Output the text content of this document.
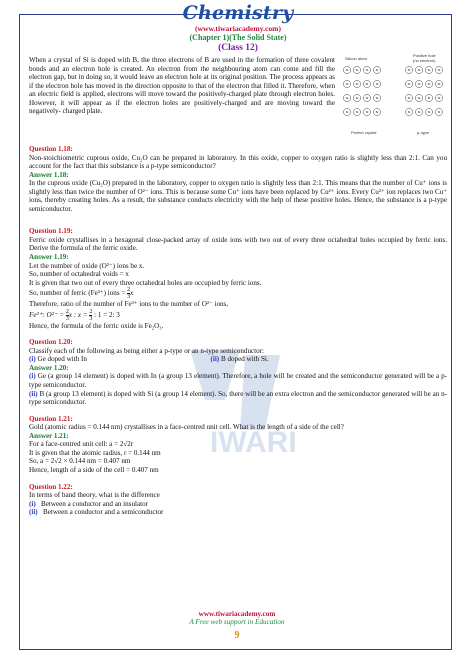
IWARI
Chemistry
(www.tiwariacademy.com)
(Chapter 1)(The Solid State)
(Class 12)

When a crystal of Si is doped with B, the three electrons of B are used in the formation of three covalent bonds and an electron hole is created. An electron from the neighbouring atom can come and fill the electron gap, but in doing so, it would leave an electron hole at its original position. The process appears as if the electron hole has moved in the direction opposite to that of the electron that filled it. Therefore, when an electric field is applied, electrons will move toward the positively-charged plate through electron holes. However, it will appear as if the electron holes are positively-charged and are moving toward the negatively- charged plate.

Silicon atom
Positive hole
(no electron)
Perfect crystal	p–type
Si Si Si Si
Si Si Si Si
Si Si Si Si
Si Si Si Si
Si Si Si Si
Si Si Si Si
Si Si	B	Si
Si Si Si Si
Question 1.18:

Non-stoichiometric cuprous oxide, Cu₂O can be prepared in laboratory. In this oxide, copper to oxygen ratio is slightly less than 2:1. Can you account for the fact that this substance is a p-type semiconductor?

Answer 1.18:

In the cuprous oxide (Cu₂O) prepared in the laboratory, copper to oxygen ratio is slightly less than 2:1. This means that the number of Cu⁺ ions is slightly less than twice the number of O²⁻ ions. This is because some Cu⁺ ions have been replaced by Cu²⁺ ions. Every Cu²⁺ ion replaces two Cu⁺ ions, thereby creating holes. As a result, the substance conducts electricity with the help of these positive holes. Hence, the substance is a p-type semiconductor.

Question 1.19:

Ferric oxide crystallises in a hexagonal close-packed array of oxide ions with two out of every three octahedral holes occupied by ferric ions. Derive the formula of the ferric oxide.

Answer 1.19:

Let the number of oxide (O²⁻) ions be x.

So, number of octahedral voids = x

It is given that two out of every three octahedral holes are occupied by ferric ions.

So, number of ferric (Fe³⁺) ions = $\frac{2}{3}$ x

Therefore, ratio of the number of Fe³⁺ ions to the number of O²⁻ ions,

Fe³⁺: $O^{2-} = \frac{2}{3}$ x : $x = \frac{2}{3}$ : 1 = 2: 3

Hence, the formula of the ferric oxide is Fe₂O₃.

Question 1.20:

Classify each of the following as being either a p-type or an n-type semiconductor:

(i) Ge doped with In	(ii) B doped with Si.

Answer 1.20:

(i) Ge (a group 14 element) is doped with In (a group 13 element). Therefore, a hole will be created and the semiconductor generated will be a p-type semiconductor.

(ii) B (a group 13 element) is doped with Si (a group 14 element). So, there will be an extra electron and the semiconductor generated will be an n-type semiconductor.

Question 1.21:

Gold (atomic radius = 0.144 nm) crystallises in a face-centred unit cell. What is the length of a side of the cell?

Answer 1.21:

For a face-centred unit cell: a = 2√2r

It is given that the atomic radius, r = 0.144 nm

So, a = 2√2 × 0.144 nm = 0.407 nm

Hence, length of a side of the cell = 0.407 nm

Question 1.22:

In terms of band theory, what is the difference

(i) Between a conductor and an insulator

(ii) Between a conductor and a semiconductor

www.tiwariacademy.com
A Free web support in Education
9
